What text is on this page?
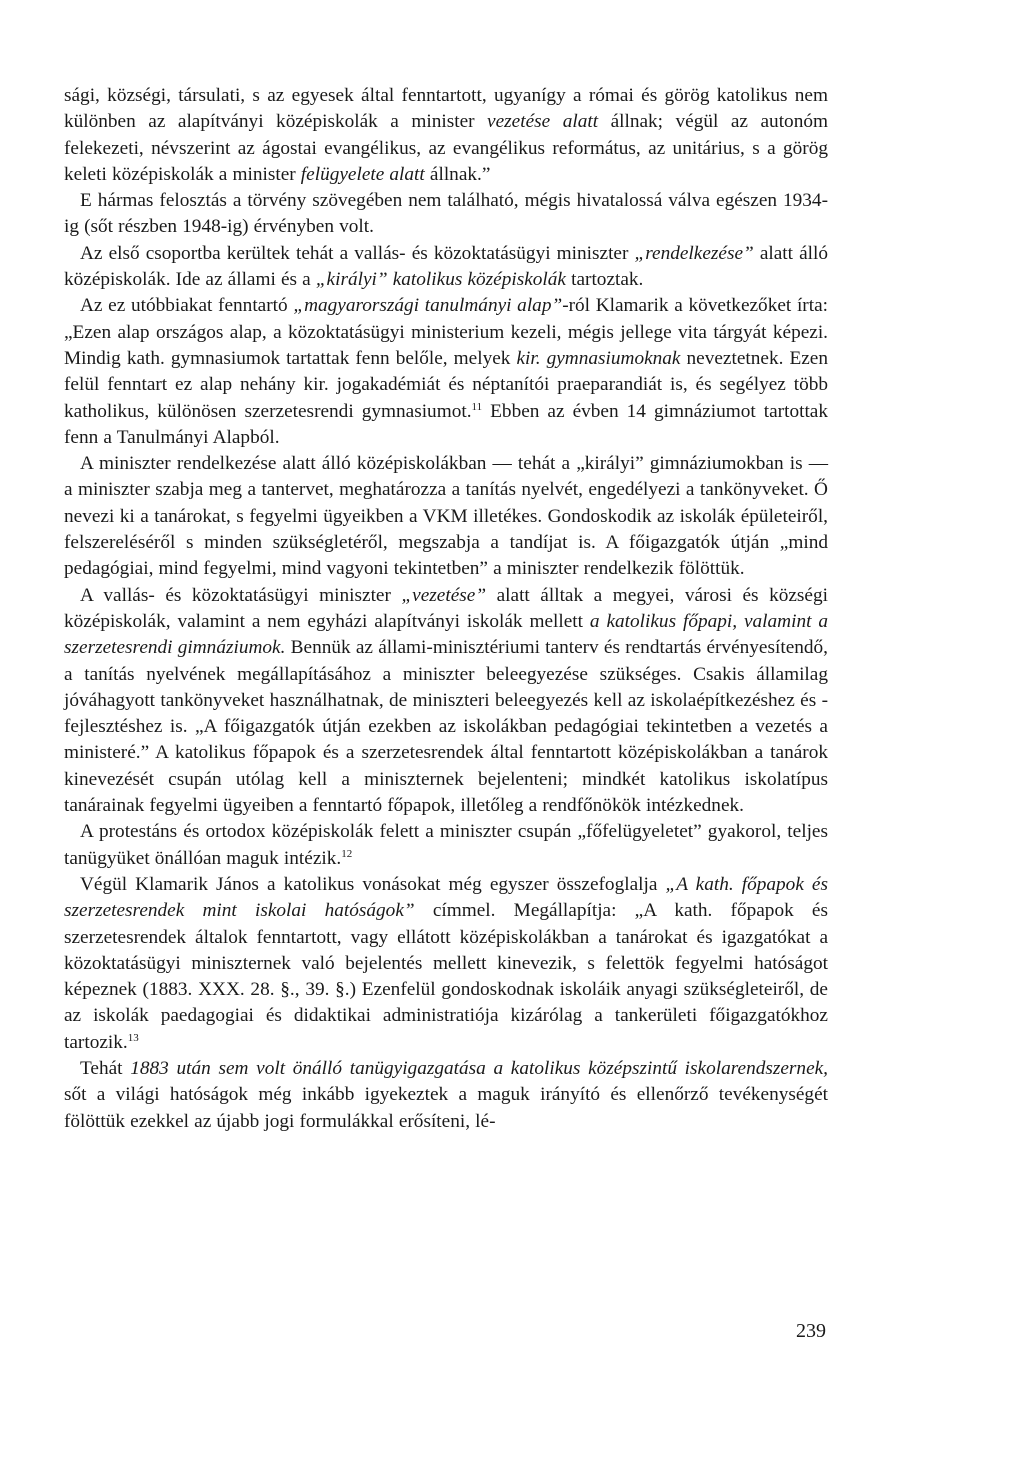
sági, községi, társulati, s az egyesek által fenntartott, ugyanígy a római és görög katolikus nem különben az alapítványi középiskolák a minister vezetése alatt állnak; végül az autonóm felekezeti, névszerint az ágostai evangélikus, az evangélikus református, az unitárius, s a görög keleti középiskolák a minister felügyelete alatt állnak.”

E hármas felosztás a törvény szövegében nem található, mégis hivatalossá válva egészen 1934-ig (sőt részben 1948-ig) érvényben volt.

Az első csoportba kerültek tehát a vallás- és közoktatásügyi miniszter „rendelkezése” alatt álló középiskolák. Ide az állami és a „királyi” katolikus középiskolák tartoztak.

Az ez utóbbiakat fenntartó „magyarországi tanulmányi alap”-ról Klamarik a következőket írta: „Ezen alap országos alap, a közoktatásügyi ministerium kezeli, mégis jellege vita tárgyát képezi. Mindig kath. gymnasiumok tartattak fenn belőle, melyek kir. gymnasiumoknak neveztetnek. Ezen felül fenntart ez alap nehány kir. jogakadémiát és néptanítói praeparandiát is, és segélyez több katholikus, különösen szerzetesrendi gymnasiumot.$^{11}$ Ebben az évben 14 gimnáziumot tartottak fenn a Tanulmányi Alapból.

A miniszter rendelkezése alatt álló középiskolákban — tehát a „királyi” gimnáziumokban is — a miniszter szabja meg a tantervet, meghatározza a tanítás nyelvét, engedélyezi a tankönyveket. Ő nevezi ki a tanárokat, s fegyelmi ügyeikben a VKM illetékes. Gondoskodik az iskolák épületeiről, felszereléséről s minden szükségletéről, megszabja a tandíjat is. A főigazgatók útján „mind pedagógiai, mind fegyelmi, mind vagyoni tekintetben” a miniszter rendelkezik fölöttük.

A vallás- és közoktatásügyi miniszter „vezetése” alatt álltak a megyei, városi és községi középiskolák, valamint a nem egyházi alapítványi iskolák mellett a katolikus főpapi, valamint a szerzetesrendi gimnáziumok. Bennük az állami-minisztériumi tanterv és rendtartás érvényesítendő, a tanítás nyelvének megállapításához a miniszter beleegyezése szükséges. Csakis államilag jóváhagyott tankönyveket használhatnak, de miniszteri beleegyezés kell az iskolaépítkezéshez és -fejlesztéshez is. „A főigazgatók útján ezekben az iskolákban pedagógiai tekintetben a vezetés a ministeré.” A katolikus főpapok és a szerzetesrendek által fenntartott középiskolákban a tanárok kinevezését csupán utólag kell a miniszternek bejelenteni; mindkét katolikus iskolatípus tanárainak fegyelmi ügyeiben a fenntartó főpapok, illetőleg a rendfőnökök intézkednek.

A protestáns és ortodox középiskolák felett a miniszter csupán „főfelügyeletet” gyakorol, teljes tanügyüket önállóan maguk intézik.$^{12}$

Végül Klamarik János a katolikus vonásokat még egyszer összefoglalja „A kath. főpapok és szerzetesrendek mint iskolai hatóságok” címmel. Megállapítja: „A kath. főpapok és szerzetesrendek általok fenntartott, vagy ellátott középiskolákban a tanárokat és igazgatókat a közoktatásügyi miniszternek való bejelentés mellett kinevezik, s felettök fegyelmi hatóságot képeznek (1883. XXX. 28. §., 39. §.) Ezenfelül gondoskodnak iskoláik anyagi szükségleteiről, de az iskolák paedagogiai és didaktikai administratiója kizárólag a tankerületi főigazgatókhoz tartozik.$^{13}$

Tehát 1883 után sem volt önálló tanügyigazgatása a katolikus középszintű iskolarendszernek, sőt a világi hatóságok még inkább igyekeztek a maguk irányító és ellenőrző tevékenységét fölöttük ezekkel az újabb jogi formulákkal erősíteni, lé-

239
